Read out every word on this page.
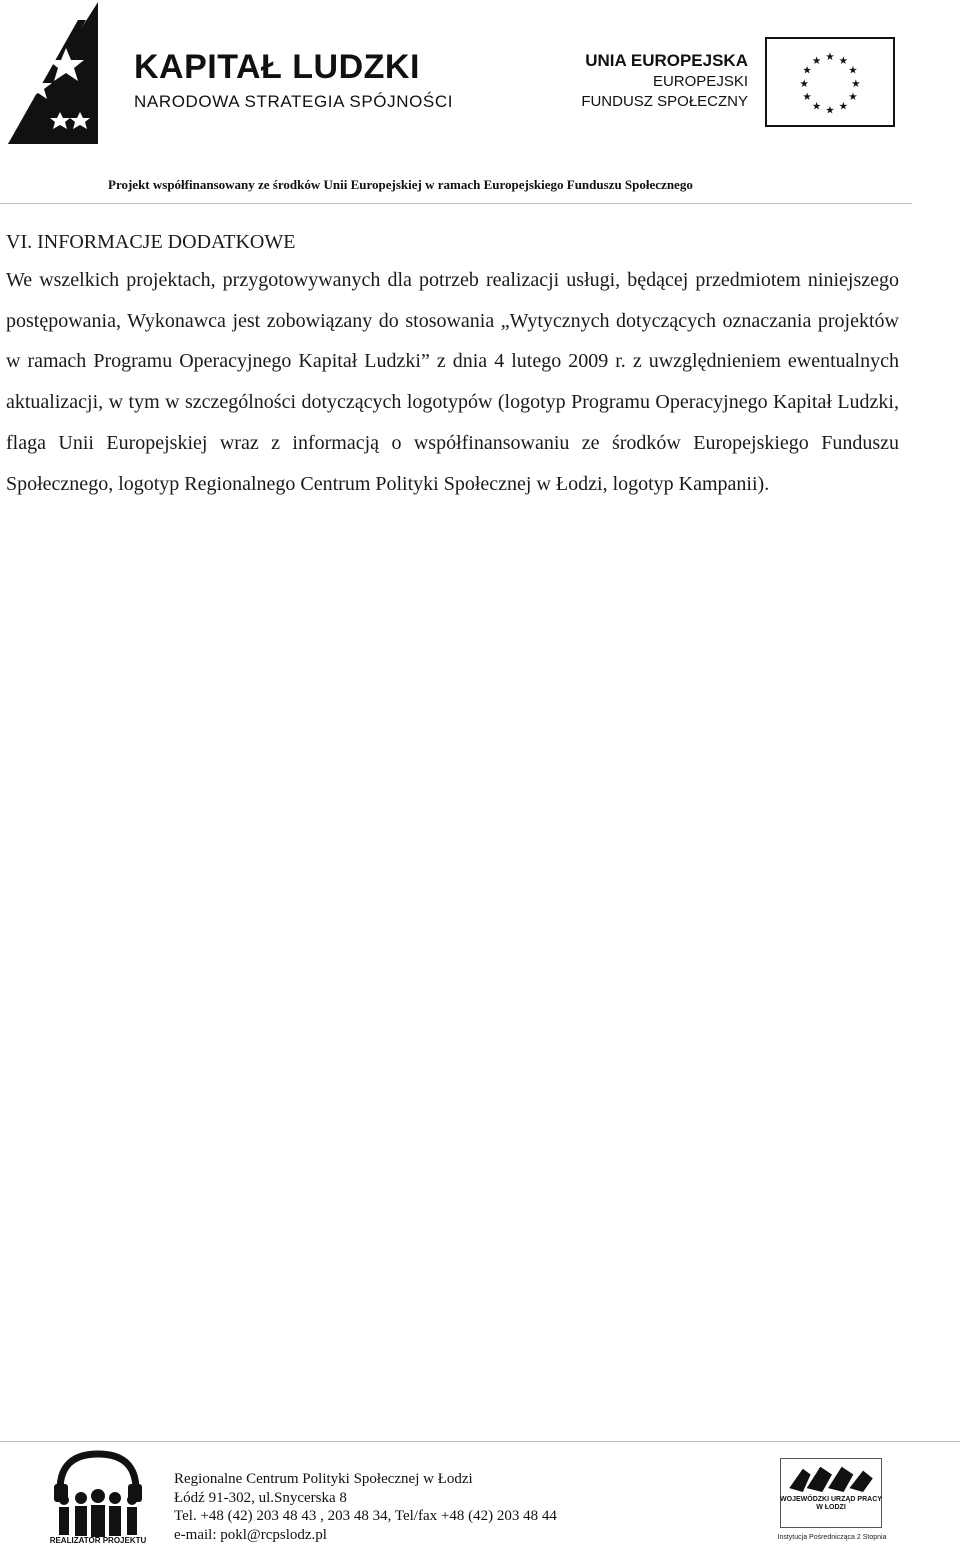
KAPITAŁ LUDZKI
NARODOWA STRATEGIA SPÓJNOŚCI
UNIA EUROPEJSKA
EUROPEJSKI
FUNDUSZ SPOŁECZNY
★ ★
★
★
★
★
★
★
★
★
★
★
Projekt współfinansowany ze środków Unii Europejskiej w ramach Europejskiego Funduszu Społecznego
VI. INFORMACJE DODATKOWE

We wszelkich projektach, przygotowywanych dla potrzeb realizacji usługi, będącej przedmiotem niniejszego postępowania, Wykonawca jest zobowiązany do stosowania „Wytycznych dotyczących oznaczania projektów w ramach Programu Operacyjnego Kapitał Ludzki” z dnia 4 lutego 2009 r. z uwzględnieniem ewentualnych aktualizacji, w tym w szczególności dotyczących logotypów (logotyp Programu Operacyjnego Kapitał Ludzki, flaga Unii Europejskiej wraz z informacją o współfinansowaniu ze środków Europejskiego Funduszu Społecznego, logotyp Regionalnego Centrum Polityki Społecznej w Łodzi, logotyp Kampanii).

REALIZATOR PROJEKTU
Regionalne Centrum Polityki Społecznej w Łodzi
Łódź 91-302, ul.Snycerska 8
Tel. +48 (42) 203 48 43 , 203 48 34, Tel/fax +48 (42) 203 48 44
e-mail: pokl@rcpslodz.pl
WOJEWÓDZKI URZĄD PRACY W ŁODZI
Instytucja Pośrednicząca 2 Stopnia
